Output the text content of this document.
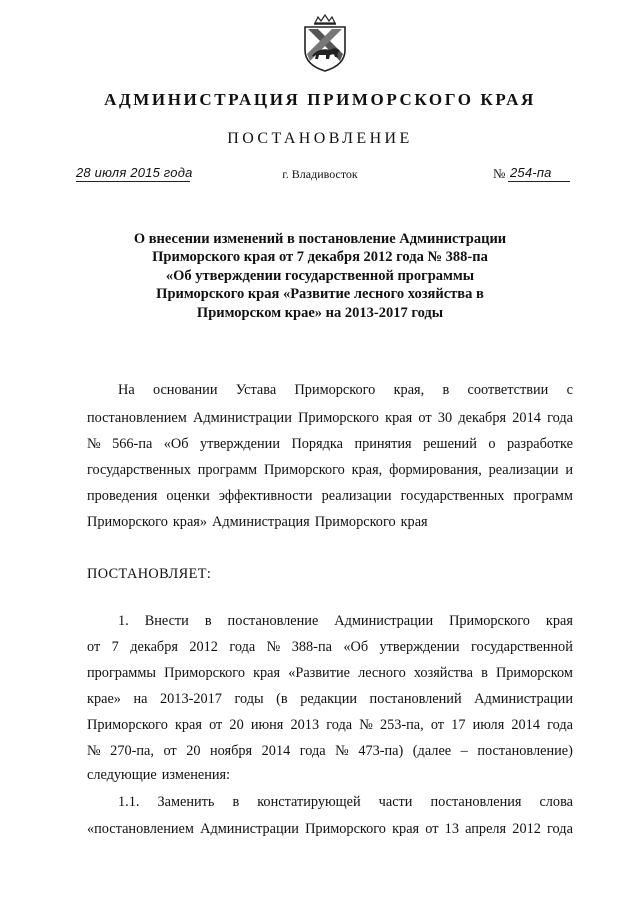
АДМИНИСТРАЦИЯ ПРИМОРСКОГО КРАЯ
ПОСТАНОВЛЕНИЕ
28 июля 2015 года	г. Владивосток	№ 254-па
О внесении изменений в постановление Администрации
Приморского края от 7 декабря 2012 года № 388-па
«Об утверждении государственной программы
Приморского края «Развитие лесного хозяйства в
Приморском крае» на 2013-2017 годы
На основании Устава Приморского края, в соответствии с
постановлением Администрации Приморского края от 30 декабря 2014 года
№ 566-па «Об утверждении Порядка принятия решений о разработке
государственных программ Приморского края, формирования, реализации и
проведения оценки эффективности реализации государственных программ
Приморского края» Администрация Приморского края
ПОСТАНОВЛЯЕТ:
1. Внести в постановление Администрации Приморского края
от 7 декабря 2012 года № 388-па «Об утверждении государственной
программы Приморского края «Развитие лесного хозяйства в Приморском
крае» на 2013-2017 годы (в редакции постановлений Администрации
Приморского края от 20 июня 2013 года № 253-па, от 17 июля 2014 года
№ 270-па, от 20 ноября 2014 года № 473-па) (далее – постановление)
следующие изменения:
1.1. Заменить в констатирующей части постановления слова
«постановлением Администрации Приморского края от 13 апреля 2012 года
